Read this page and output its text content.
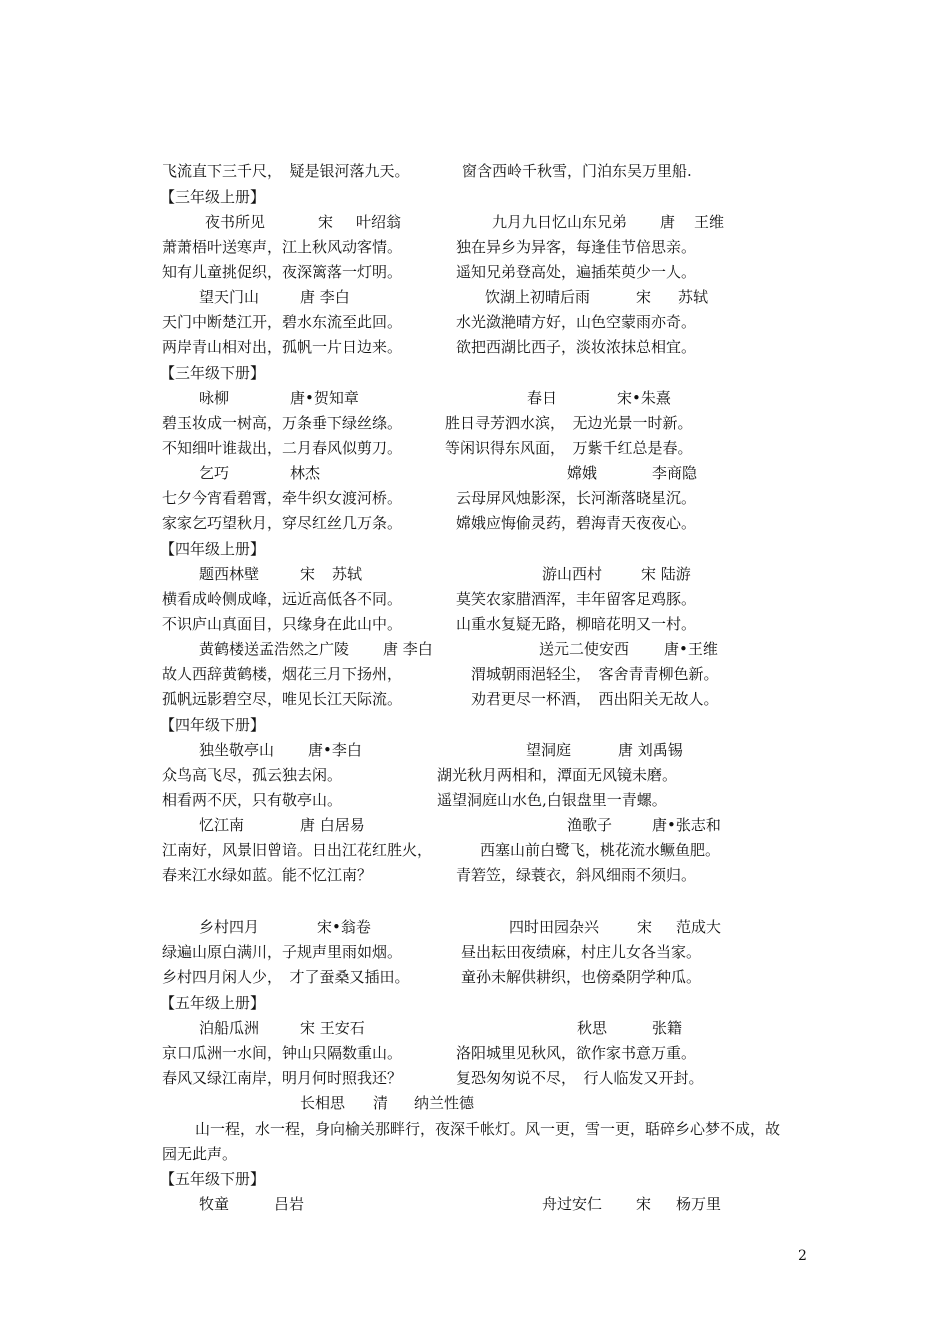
2
飞流直下三千尺，　疑是银河落九天。	窗含西岭千秋雪，门泊东吴万里船.
【三年级上册】
夜书所见	宋 叶绍翁	九月九日忆山东兄弟 唐 王维
萧萧梧叶送寒声，江上秋风动客情。	独在异乡为异客，每逢佳节倍思亲。
知有儿童挑促织，夜深篱落一灯明。	遥知兄弟登高处，遍插茱萸少一人。
望天门山	唐 李白	饮湖上初晴后雨	宋 苏轼
天门中断楚江开，碧水东流至此回。	水光潋滟晴方好，山色空蒙雨亦奇。
两岸青山相对出，孤帆一片日边来。	欲把西湖比西子，淡妆浓抹总相宜。
【三年级下册】
咏柳	唐•贺知章	春日	宋•朱熹
碧玉妆成一树高，万条垂下绿丝绦。	胜日寻芳泗水滨，　无边光景一时新。
不知细叶谁裁出，二月春风似剪刀。	等闲识得东风面，　万紫千红总是春。
乞巧	林杰	嫦娥	李商隐
七夕今宵看碧霄，牵牛织女渡河桥。	云母屏风烛影深，长河渐落晓星沉。
家家乞巧望秋月，穿尽红丝几万条。	嫦娥应悔偷灵药，碧海青天夜夜心。
【四年级上册】
题西林壁	宋 苏轼	游山西村	宋 陆游
横看成岭侧成峰，远近高低各不同。	莫笑农家腊酒浑，丰年留客足鸡豚。
不识庐山真面目，只缘身在此山中。	山重水复疑无路，柳暗花明又一村。
黄鹤楼送孟浩然之广陵 唐 李白	送元二使安西 唐•王维
故人西辞黄鹤楼，烟花三月下扬州，	渭城朝雨浥轻尘，　客舍青青柳色新。
孤帆远影碧空尽，唯见长江天际流。	劝君更尽一杯酒，　西出阳关无故人。
【四年级下册】
独坐敬亭山 唐•李白	望洞庭	唐 刘禹锡
众鸟高飞尽，孤云独去闲。	湖光秋月两相和，潭面无风镜未磨。
相看两不厌，只有敬亭山。	遥望洞庭山水色,白银盘里一青螺。
忆江南	唐 白居易	渔歌子	唐•张志和
江南好，风景旧曾谙。日出江花红胜火，	西塞山前白鹭飞，桃花流水鳜鱼肥。
春来江水绿如蓝。能不忆江南？	青箬笠，绿蓑衣，斜风细雨不须归。
乡村四月	宋•翁卷	四时田园杂兴	宋 范成大
绿遍山原白满川，子规声里雨如烟。	昼出耘田夜绩麻，村庄儿女各当家。
乡村四月闲人少，　才了蚕桑又插田。	童孙未解供耕织，也傍桑阴学种瓜。
【五年级上册】
泊船瓜洲	宋 王安石	秋思	张籍
京口瓜洲一水间，钟山只隔数重山。	洛阳城里见秋风，欲作家书意万重。
春风又绿江南岸，明月何时照我还？	复恐匆匆说不尽，　行人临发又开封。
长相思 清 纳兰性德
山一程，水一程，身向榆关那畔行，夜深千帐灯。风一更，雪一更，聒碎乡心梦不成，故
园无此声。
【五年级下册】
牧童	吕岩	舟过安仁 宋 杨万里
